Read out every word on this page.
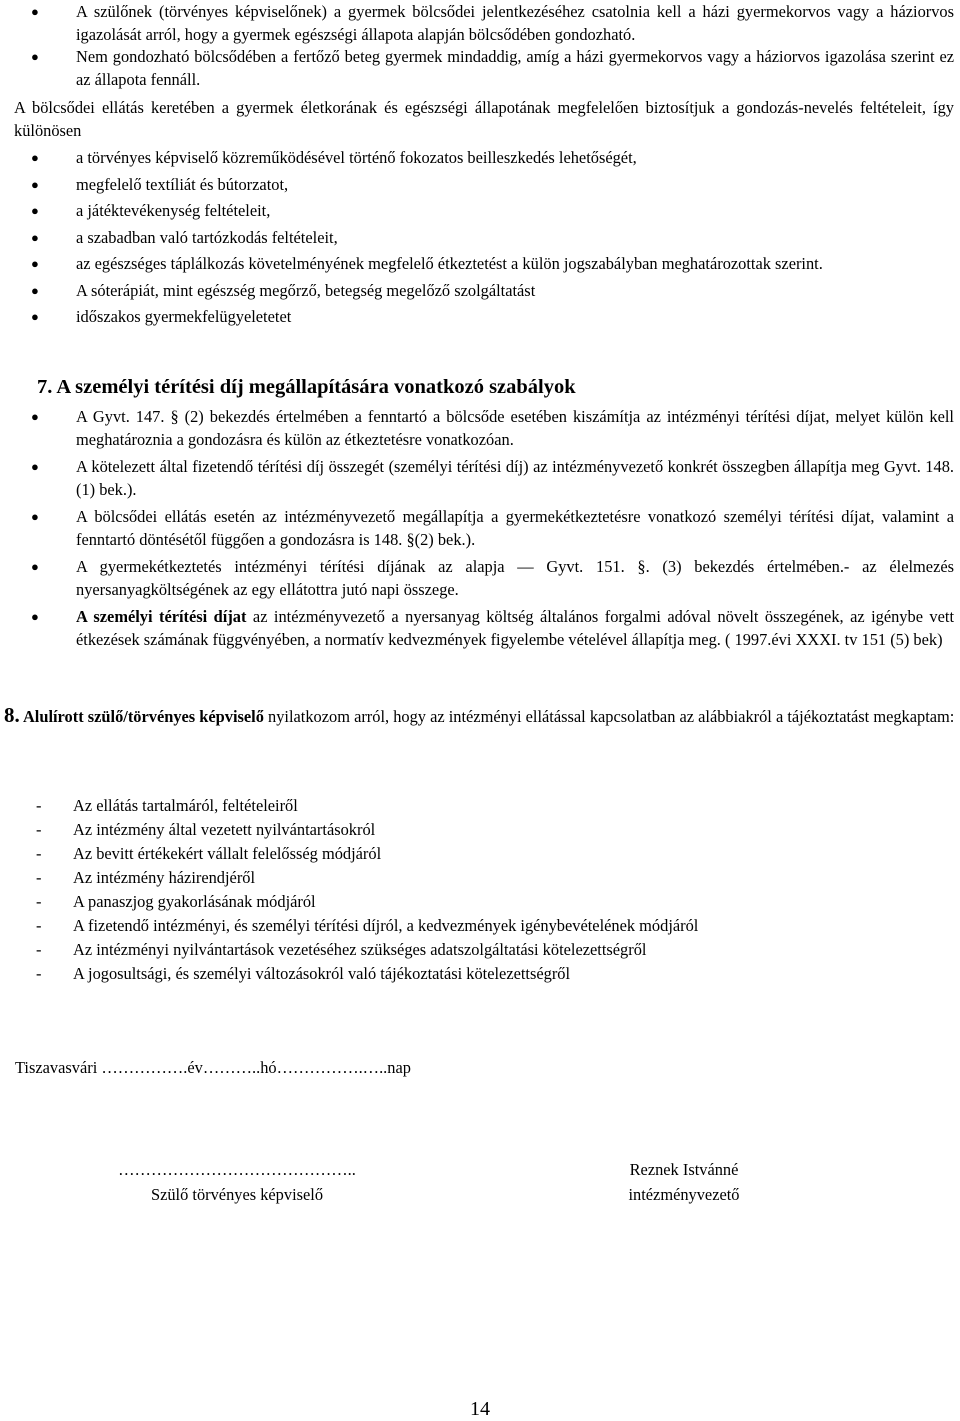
● A szülőnek (törvényes képviselőnek) a gyermek bölcsődei jelentkezéséhez csatolnia kell a házi gyermekorvos vagy a háziorvos igazolását arról, hogy a gyermek egészségi állapota alapján bölcsődében gondozható.
● Nem gondozható bölcsődében a fertőző beteg gyermek mindaddig, amíg a házi gyermekorvos vagy a háziorvos igazolása szerint ez az állapota fennáll.

A bölcsődei ellátás keretében a gyermek életkorának és egészségi állapotának megfelelően biztosítjuk a gondozás-nevelés feltételeit, így különösen

● a törvényes képviselő közreműködésével történő fokozatos beilleszkedés lehetőségét,
● megfelelő textíliát és bútorzatot,
● a játéktevékenység feltételeit,
● a szabadban való tartózkodás feltételeit,
● az egészséges táplálkozás követelményének megfelelő étkeztetést a külön jogszabályban meghatározottak szerint.
● A sóterápiát, mint egészség megőrző, betegség megelőző szolgáltatást
● időszakos gyermekfelügyeletetet
7. A személyi térítési díj megállapítására vonatkozó szabályok
● A Gyvt. 147. § (2) bekezdés értelmében a fenntartó a bölcsőde esetében kiszámítja az intézményi térítési díjat, melyet külön kell meghatároznia a gondozásra és külön az étkeztetésre vonatkozóan.
● A kötelezett által fizetendő térítési díj összegét (személyi térítési díj) az intézményvezető konkrét összegben állapítja meg Gyvt. 148. (1) bek.).
● A bölcsődei ellátás esetén az intézményvezető megállapítja a gyermekétkeztetésre vonatkozó személyi térítési díjat, valamint a fenntartó döntésétől függően a gondozásra is 148. §(2) bek.).
● A gyermekétkeztetés intézményi térítési díjának az alapja — Gyvt. 151. §. (3) bekezdés értelmében.- az élelmezés nyersanyagköltségének az egy ellátottra jutó napi összege.
● A személyi térítési díjat az intézményvezető a nyersanyag költség általános forgalmi adóval növelt összegének, az igénybe vett étkezések számának függvényében, a normatív kedvezmények figyelembe vételével állapítja meg. ( 1997.évi XXXI. tv 151 (5) bek)

8. Alulírott szülő/törvényes képviselő nyilatkozom arról, hogy az intézményi ellátással kapcsolatban az alábbiakról a tájékoztatást megkaptam:

- Az ellátás tartalmáról, feltételeiről
- Az intézmény által vezetett nyilvántartásokról
- Az bevitt értékekért vállalt felelősség módjáról
- Az intézmény házirendjéről
- A panaszjog gyakorlásának módjáról
- A fizetendő intézményi, és személyi térítési díjról, a kedvezmények igénybevételének módjáról
- Az intézményi nyilvántartások vezetéséhez szükséges adatszolgáltatási kötelezettségről
- A jogosultsági, és személyi változásokról való tájékoztatási kötelezettségről
Tiszavasvári …………….év………..hó…………….…..nap
……………………………………..
Szülő törvényes képviselő
Reznek Istvánné
intézményvezető
14
